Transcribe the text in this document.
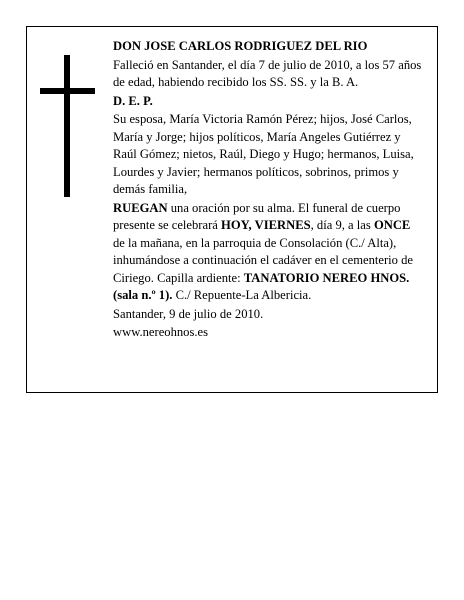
DON JOSE CARLOS RODRIGUEZ DEL RIO

Falleció en Santander, el día 7 de julio de 2010, a los 57 años de edad, habiendo recibido los SS. SS. y la B. A.

D. E. P.

Su esposa, María Victoria Ramón Pérez; hijos, José Carlos, María y Jorge; hijos políticos, María Angeles Gutiérrez y Raúl Gómez; nietos, Raúl, Diego y Hugo; hermanos, Luisa, Lourdes y Javier; hermanos políticos, sobrinos, primos y demás familia,

RUEGAN una oración por su alma. El funeral de cuerpo presente se celebrará HOY, VIERNES, día 9, a las ONCE de la mañana, en la parroquia de Consolación (C./ Alta), inhumándose a continuación el cadáver en el cementerio de Ciriego. Capilla ardiente: TANATORIO NEREO HNOS. (sala n.º 1). C./ Repuente-La Albericia.

Santander, 9 de julio de 2010.

www.nereohnos.es
